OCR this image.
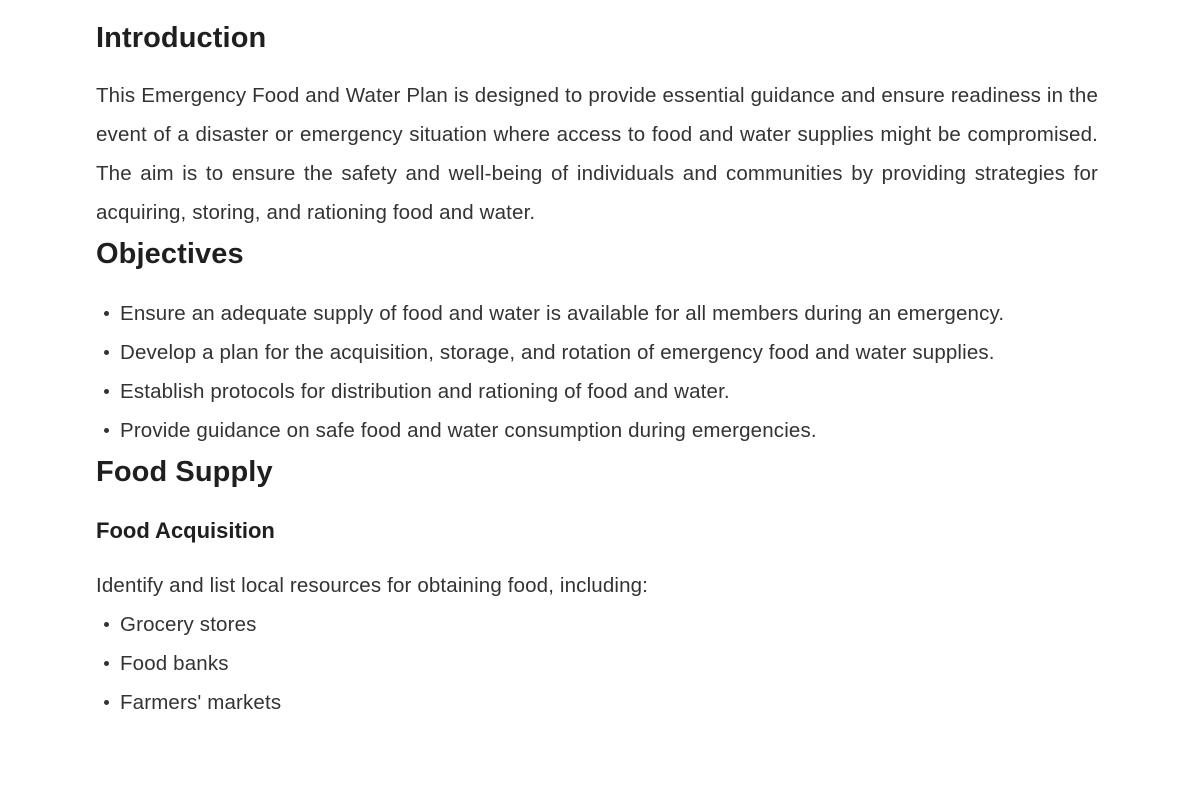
Introduction

This Emergency Food and Water Plan is designed to provide essential guidance and ensure readiness in the event of a disaster or emergency situation where access to food and water supplies might be compromised. The aim is to ensure the safety and well-being of individuals and communities by providing strategies for acquiring, storing, and rationing food and water.

Objectives
Ensure an adequate supply of food and water is available for all members during an emergency.
Develop a plan for the acquisition, storage, and rotation of emergency food and water supplies.
Establish protocols for distribution and rationing of food and water.
Provide guidance on safe food and water consumption during emergencies.
Food Supply
Food Acquisition

Identify and list local resources for obtaining food, including:

Grocery stores
Food banks
Farmers' markets
